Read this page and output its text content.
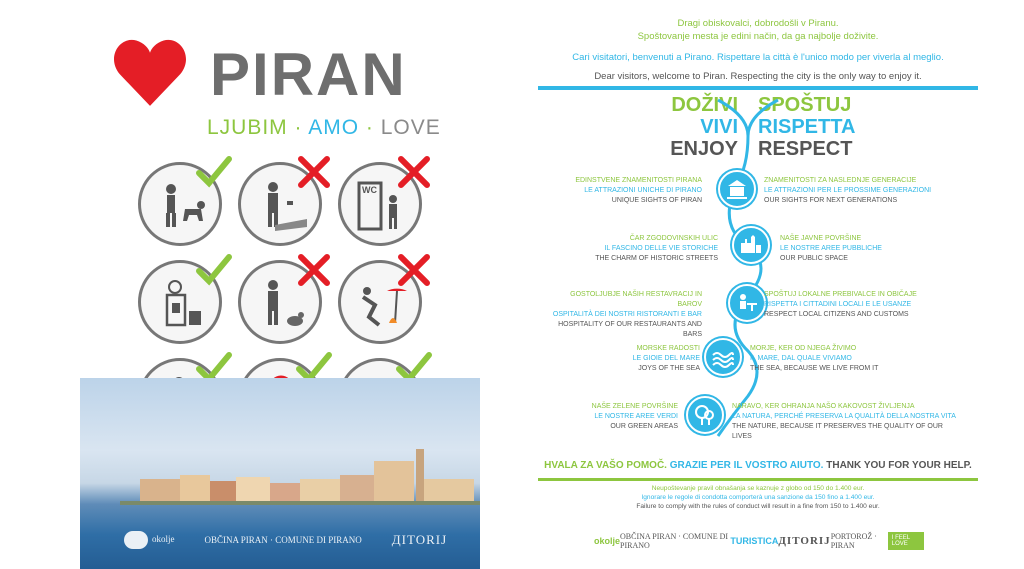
PIRAN
LJUBIM · AMO · LOVE
WC
okolje	OBČINA PIRAN · COMUNE DI PIRANO ДIТОRIJ
Dragi obiskovalci, dobrodošli v Piranu.
Spoštovanje mesta je edini način, da ga najbolje doživite.
Cari visitatori, benvenuti a Pirano. Rispettare la città è l'unico modo per viverla al meglio.
Dear visitors, welcome to Piran. Respecting the city is the only way to enjoy it.
DOŽIVI
VIVI
ENJOY
SPOŠTUJ
RISPETTA
RESPECT
EDINSTVENE ZNAMENITOSTI PIRANA
LE ATTRAZIONI UNICHE DI PIRANO
UNIQUE SIGHTS OF PIRAN
ZNAMENITOSTI ZA NASLEDNJE GENERACIJE
LE ATTRAZIONI PER LE PROSSIME GENERAZIONI
OUR SIGHTS FOR NEXT GENERATIONS
ČAR ZGODOVINSKIH ULIC
IL FASCINO DELLE VIE STORICHE
THE CHARM OF HISTORIC STREETS
NAŠE JAVNE POVRŠINE
LE NOSTRE AREE PUBBLICHE
OUR PUBLIC SPACE
GOSTOLJUBJE NAŠIH RESTAVRACIJ IN BAROV
OSPITALITÀ DEI NOSTRI RISTORANTI E BAR
HOSPITALITY OF OUR RESTAURANTS AND BARS
SPOŠTUJ LOKALNE PREBIVALCE IN OBIČAJE
RISPETTA I CITTADINI LOCALI E LE USANZE
RESPECT LOCAL CITIZENS AND CUSTOMS
MORSKE RADOSTI
LE GIOIE DEL MARE
JOYS OF THE SEA
MORJE, KER OD NJEGA ŽIVIMO
IL MARE, DAL QUALE VIVIAMO
THE SEA, BECAUSE WE LIVE FROM IT
NAŠE ZELENE POVRŠINE
LE NOSTRE AREE VERDI
OUR GREEN AREAS
NARAVO, KER OHRANJA NAŠO KAKOVOST ŽIVLJENJA
LA NATURA, PERCHÉ PRESERVA LA QUALITÀ DELLA NOSTRA VITA
THE NATURE, BECAUSE IT PRESERVES THE QUALITY OF OUR LIVES
HVALA ZA VAŠO POMOČ. GRAZIE PER IL VOSTRO AIUTO. THANK YOU FOR YOUR HELP.
Neupoštevanje pravil obnašanja se kaznuje z globo od 150 do 1.400 eur.
Ignorare le regole di condotta comporterà una sanzione da 150 fino a 1.400 eur.
Failure to comply with the rules of conduct will result in a fine from 150 to 1.400 eur.
okolje OBČINA PIRAN · COMUNE DI PIRANO	TURISTICA ДIТОRIJ PORTOROŽ · PIRAN
I FEEL LOVE
